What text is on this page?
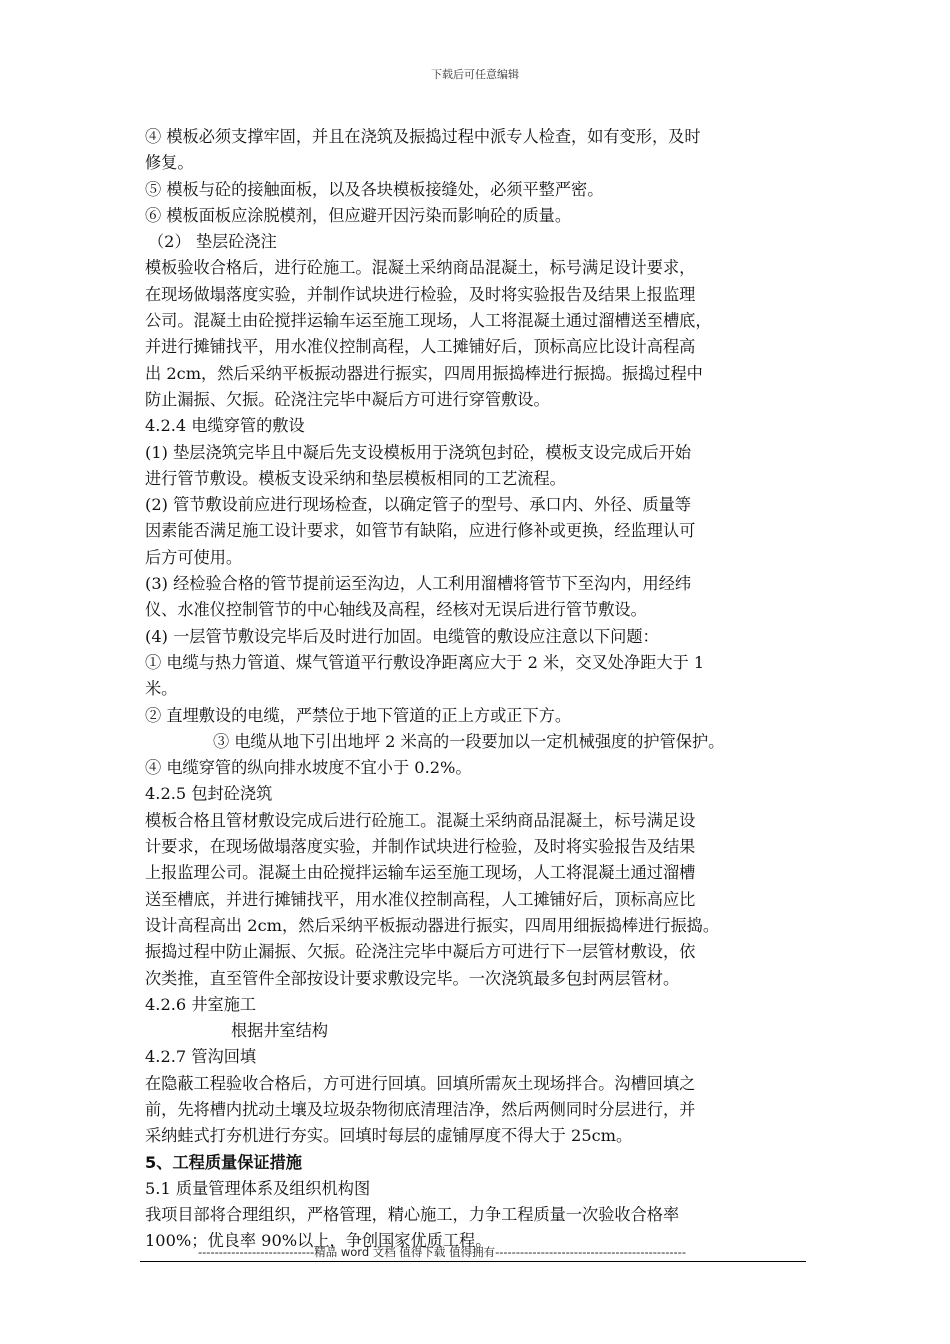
下载后可任意编辑
④ 模板必须支撑牢固，并且在浇筑及振捣过程中派专人检查，如有变形，及时
修复。
⑤ 模板与砼的接触面板，以及各块模板接缝处，必须平整严密。
⑥ 模板面板应涂脱模剂，但应避开因污染而影响砼的质量。
（2） 垫层砼浇注
模板验收合格后，进行砼施工。混凝土采纳商品混凝土，标号满足设计要求，
在现场做塌落度实验，并制作试块进行检验，及时将实验报告及结果上报监理
公司。混凝土由砼搅拌运输车运至施工现场，人工将混凝土通过溜槽送至槽底，
并进行摊铺找平，用水准仪控制高程，人工摊铺好后，顶标高应比设计高程高
出 2cm，然后采纳平板振动器进行振实，四周用振捣棒进行振捣。振捣过程中
防止漏振、欠振。砼浇注完毕中凝后方可进行穿管敷设。
4.2.4 电缆穿管的敷设
(1) 垫层浇筑完毕且中凝后先支设模板用于浇筑包封砼，模板支设完成后开始
进行管节敷设。模板支设采纳和垫层模板相同的工艺流程。
(2) 管节敷设前应进行现场检查，以确定管子的型号、承口内、外径、质量等
因素能否满足施工设计要求，如管节有缺陷，应进行修补或更换，经监理认可
后方可使用。
(3) 经检验合格的管节提前运至沟边，人工利用溜槽将管节下至沟内，用经纬
仪、水准仪控制管节的中心轴线及高程，经核对无误后进行管节敷设。
(4) 一层管节敷设完毕后及时进行加固。电缆管的敷设应注意以下问题：
① 电缆与热力管道、煤气管道平行敷设净距离应大于 2 米，交叉处净距大于 1
米。
② 直埋敷设的电缆，严禁位于地下管道的正上方或正下方。
③ 电缆从地下引出地坪 2 米高的一段要加以一定机械强度的护管保护。
④ 电缆穿管的纵向排水坡度不宜小于 0.2%。
4.2.5 包封砼浇筑
模板合格且管材敷设完成后进行砼施工。混凝土采纳商品混凝土，标号满足设
计要求，在现场做塌落度实验，并制作试块进行检验，及时将实验报告及结果
上报监理公司。混凝土由砼搅拌运输车运至施工现场，人工将混凝土通过溜槽
送至槽底，并进行摊铺找平，用水准仪控制高程，人工摊铺好后，顶标高应比
设计高程高出 2cm，然后采纳平板振动器进行振实，四周用细振捣棒进行振捣。
振捣过程中防止漏振、欠振。砼浇注完毕中凝后方可进行下一层管材敷设，依
次类推，直至管件全部按设计要求敷设完毕。一次浇筑最多包封两层管材。
4.2.6 井室施工
根据井室结构
4.2.7 管沟回填
在隐蔽工程验收合格后，方可进行回填。回填所需灰土现场拌合。沟槽回填之
前，先将槽内扰动土壤及垃圾杂物彻底清理洁净，然后两侧同时分层进行，并
采纳蛙式打夯机进行夯实。回填时每层的虚铺厚度不得大于 25cm。
5、工程质量保证措施
5.1 质量管理体系及组织机构图
我项目部将合理组织，严格管理，精心施工，力争工程质量一次验收合格率
100%；优良率 90%以上，争创国家优质工程。
----------------------------精品 word 文档 值得下载 值得拥有----------------------------------------------
